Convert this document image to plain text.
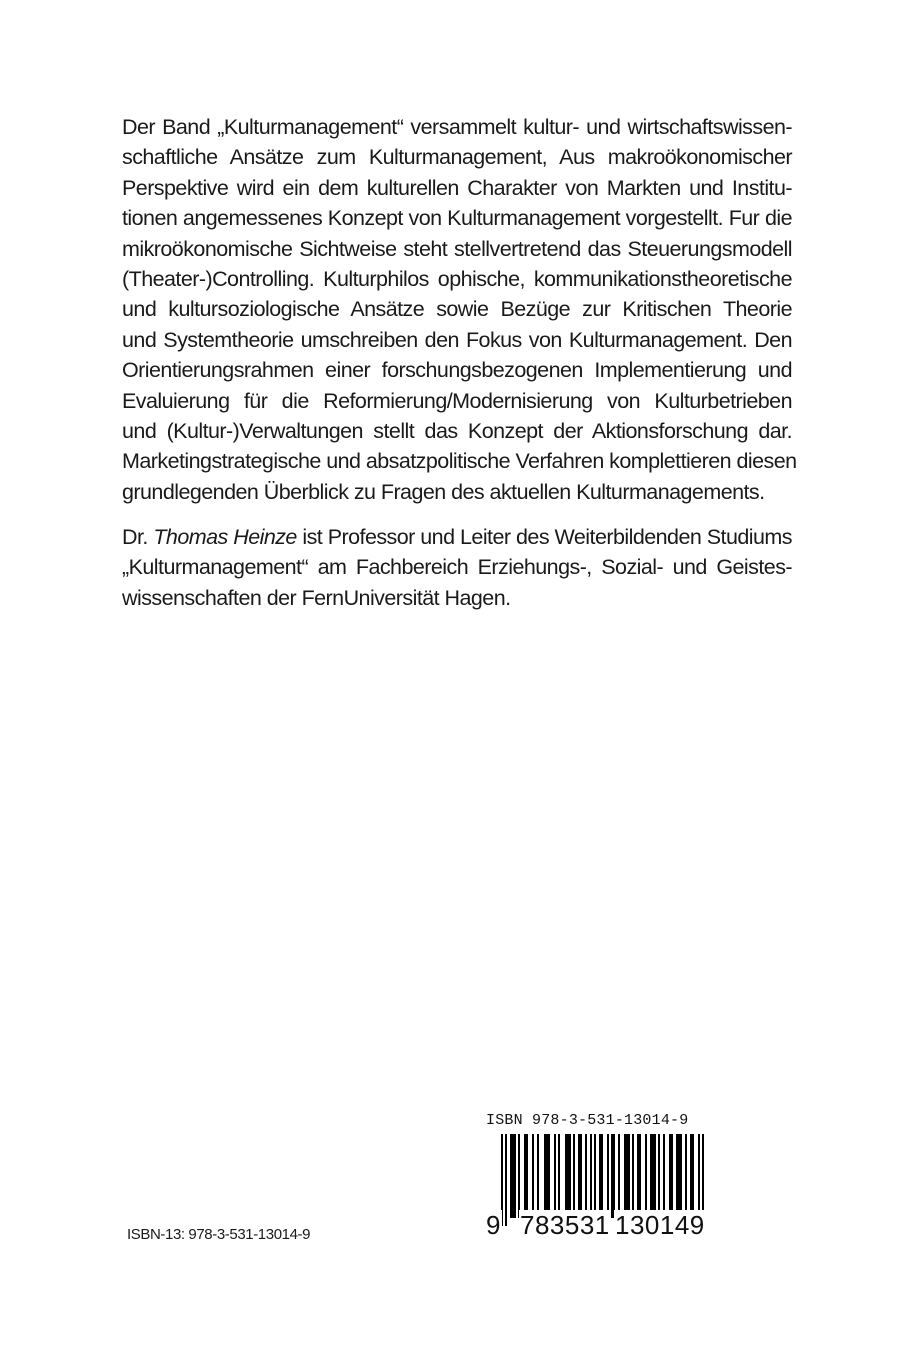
Der Band „Kulturmanagement“ versammelt kultur- und wirtschaftswissen-
schaftliche Ansätze zum Kulturmanagement, Aus makroökonomischer
Perspektive wird ein dem kulturellen Charakter von Markten und Institu-
tionen angemessenes Konzept von Kulturmanagement vorgestellt. Fur die
mikroökonomische Sichtweise steht stellvertretend das Steuerungsmodell
(Theater-)Controlling. Kulturphilos ophische, kommunikationstheoretische
und kultursoziologische Ansätze sowie Bezüge zur Kritischen Theorie
und Systemtheorie umschreiben den Fokus von Kulturmanagement. Den
Orientierungsrahmen einer forschungsbezogenen Implementierung und
Evaluierung für die Reformierung/Modernisierung von Kulturbetrieben
und (Kultur-)Verwaltungen stellt das Konzept der Aktionsforschung dar.
Marketingstrategische und absatzpolitische Verfahren komplettieren diesen
grundlegenden Überblick zu Fragen des aktuellen Kulturmanagements.
Dr. Thomas Heinze ist Professor und Leiter des Weiterbildenden Studiums
„Kulturmanagement“ am Fachbereich Erziehungs-, Sozial- und Geistes-
wissenschaften der FernUniversität Hagen.
ISBN 978-3-531-13014-9
9 783531 130149
ISBN-13: 978-3-531-13014-9
